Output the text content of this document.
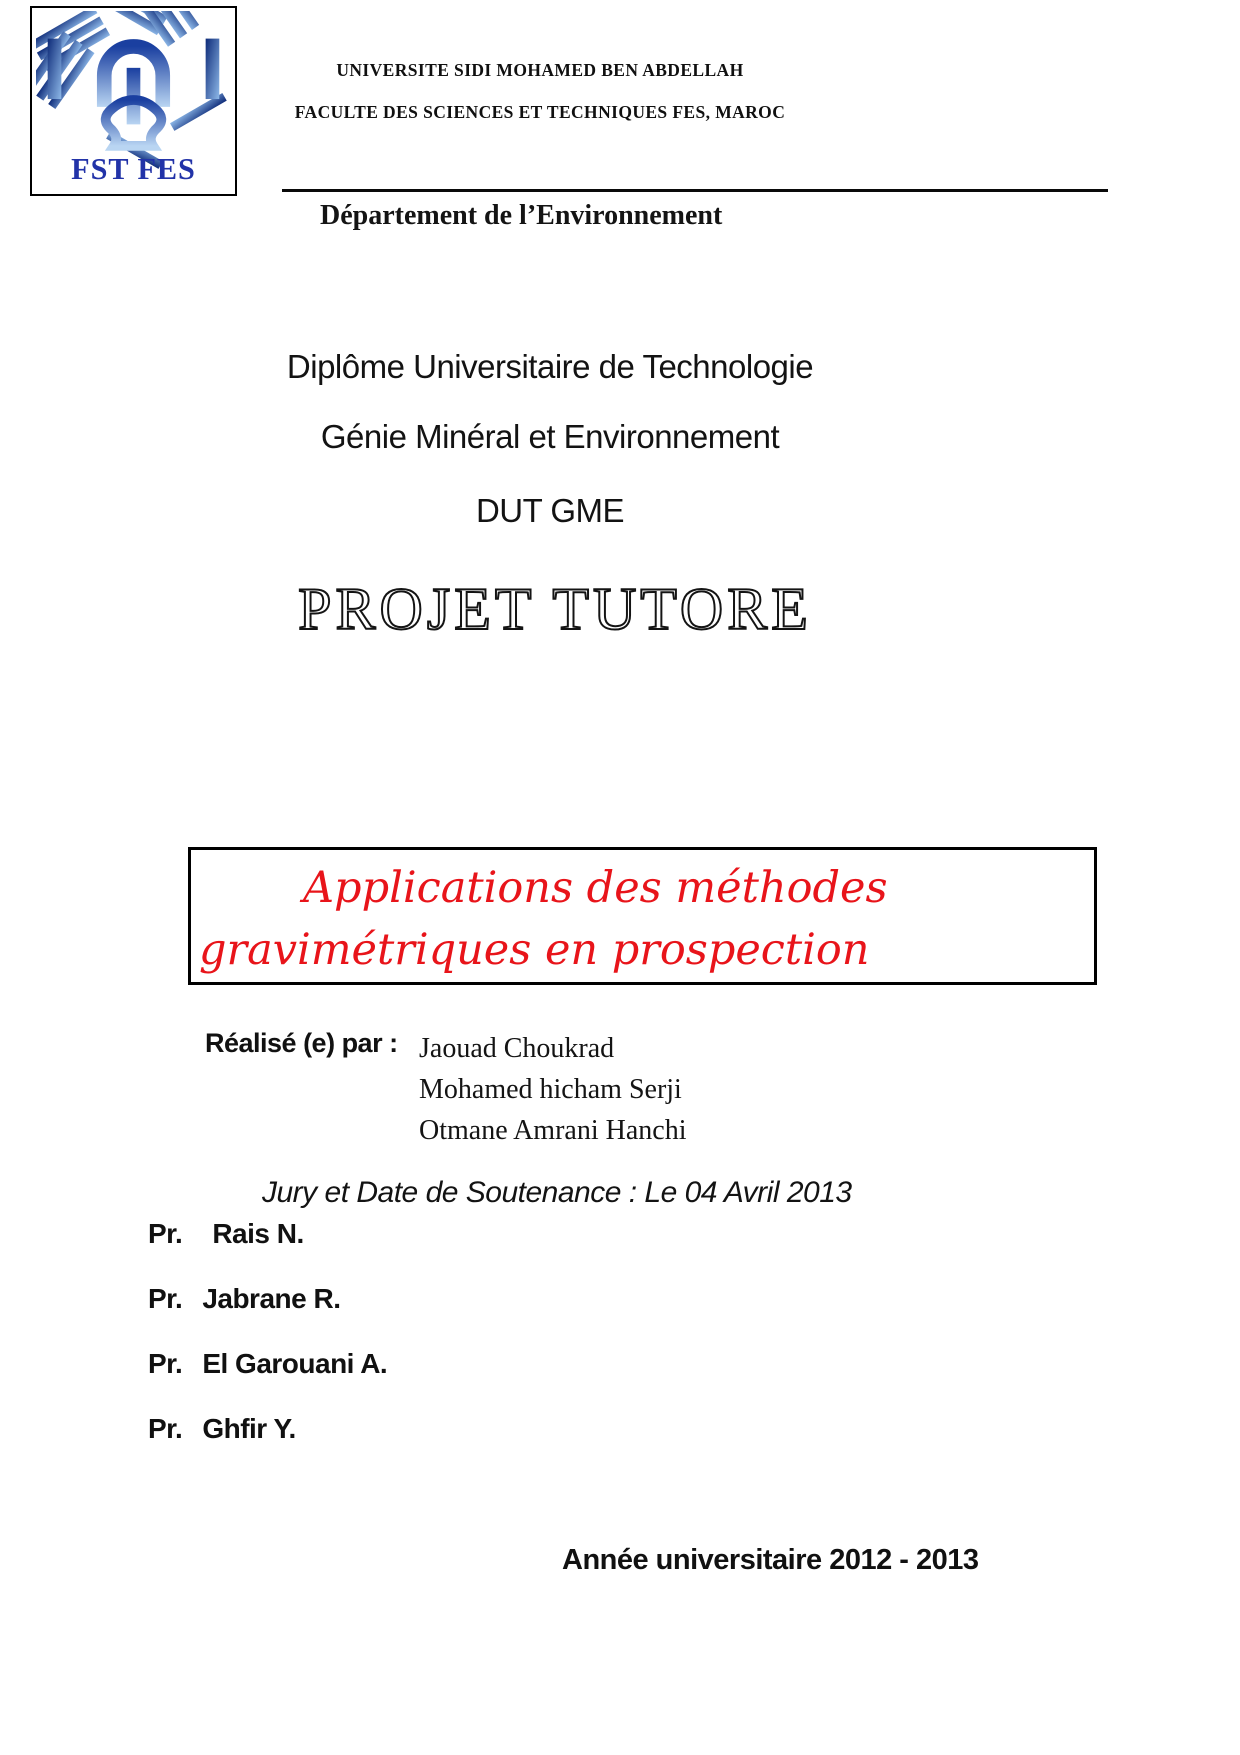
FST FES
UNIVERSITE SIDI MOHAMED BEN ABDELLAH
FACULTE DES SCIENCES ET TECHNIQUES FES, MAROC
Département de l’Environnement
Diplôme Universitaire de Technologie
Génie Minéral et Environnement
DUT GME
PROJET TUTORE
Applications des méthodes
gravimétriques en prospection
Réalisé (e) par : Jaouad Choukrad
Mohamed hicham Serji
Otmane Amrani Hanchi
Jury et Date de Soutenance : Le 04 Avril 2013
Pr. Rais N.
Pr. Jabrane R.
Pr. El Garouani A.
Pr. Ghfir Y.
Année universitaire 2012 - 2013
